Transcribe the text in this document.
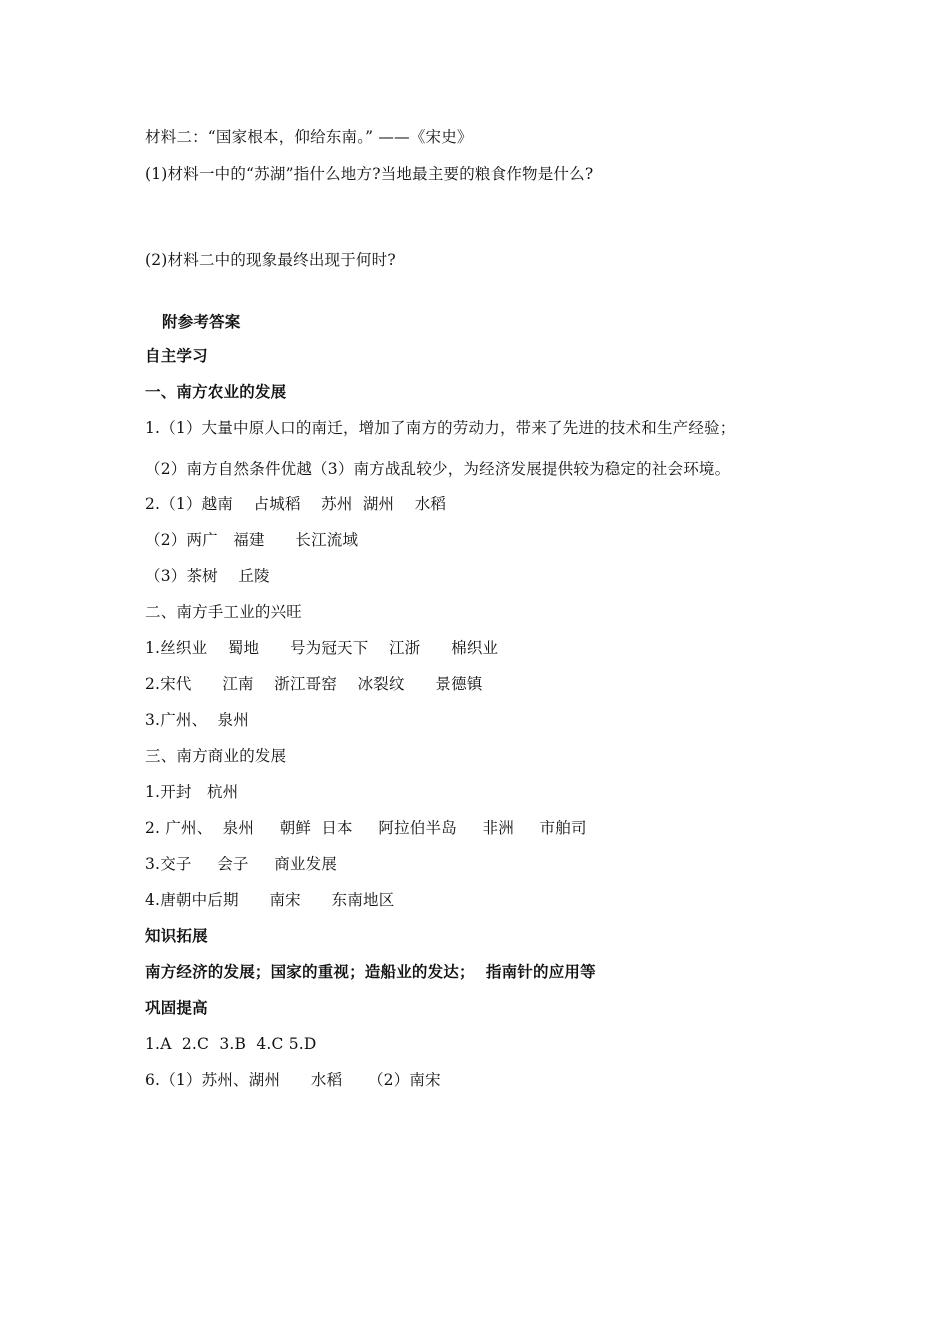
材料二：“国家根本，仰给东南。” ——《宋史》
(1)材料一中的“苏湖”指什么地方?当地最主要的粮食作物是什么?
(2)材料二中的现象最终出现于何时?
附参考答案
自主学习
一、南方农业的发展
1.（1）大量中原人口的南迁，增加了南方的劳动力，带来了先进的技术和生产经验；
（2）南方自然条件优越（3）南方战乱较少，为经济发展提供较为稳定的社会环境。
2.（1）越南    占城稻    苏州  湖州    水稻
（2）两广   福建      长江流域
（3）茶树    丘陵
二、南方手工业的兴旺
1.丝织业    蜀地      号为冠天下    江浙      棉织业
2.宋代      江南    浙江哥窑    冰裂纹      景德镇
3.广州、  泉州
三、南方商业的发展
1.开封   杭州
2. 广州、  泉州     朝鲜  日本     阿拉伯半岛     非洲     市舶司
3.交子     会子     商业发展
4.唐朝中后期      南宋      东南地区
知识拓展
南方经济的发展；国家的重视；造船业的发达；  指南针的应用等
巩固提高
1.A  2.C  3.B  4.C 5.D
6.（1）苏州、湖州      水稻     （2）南宋
